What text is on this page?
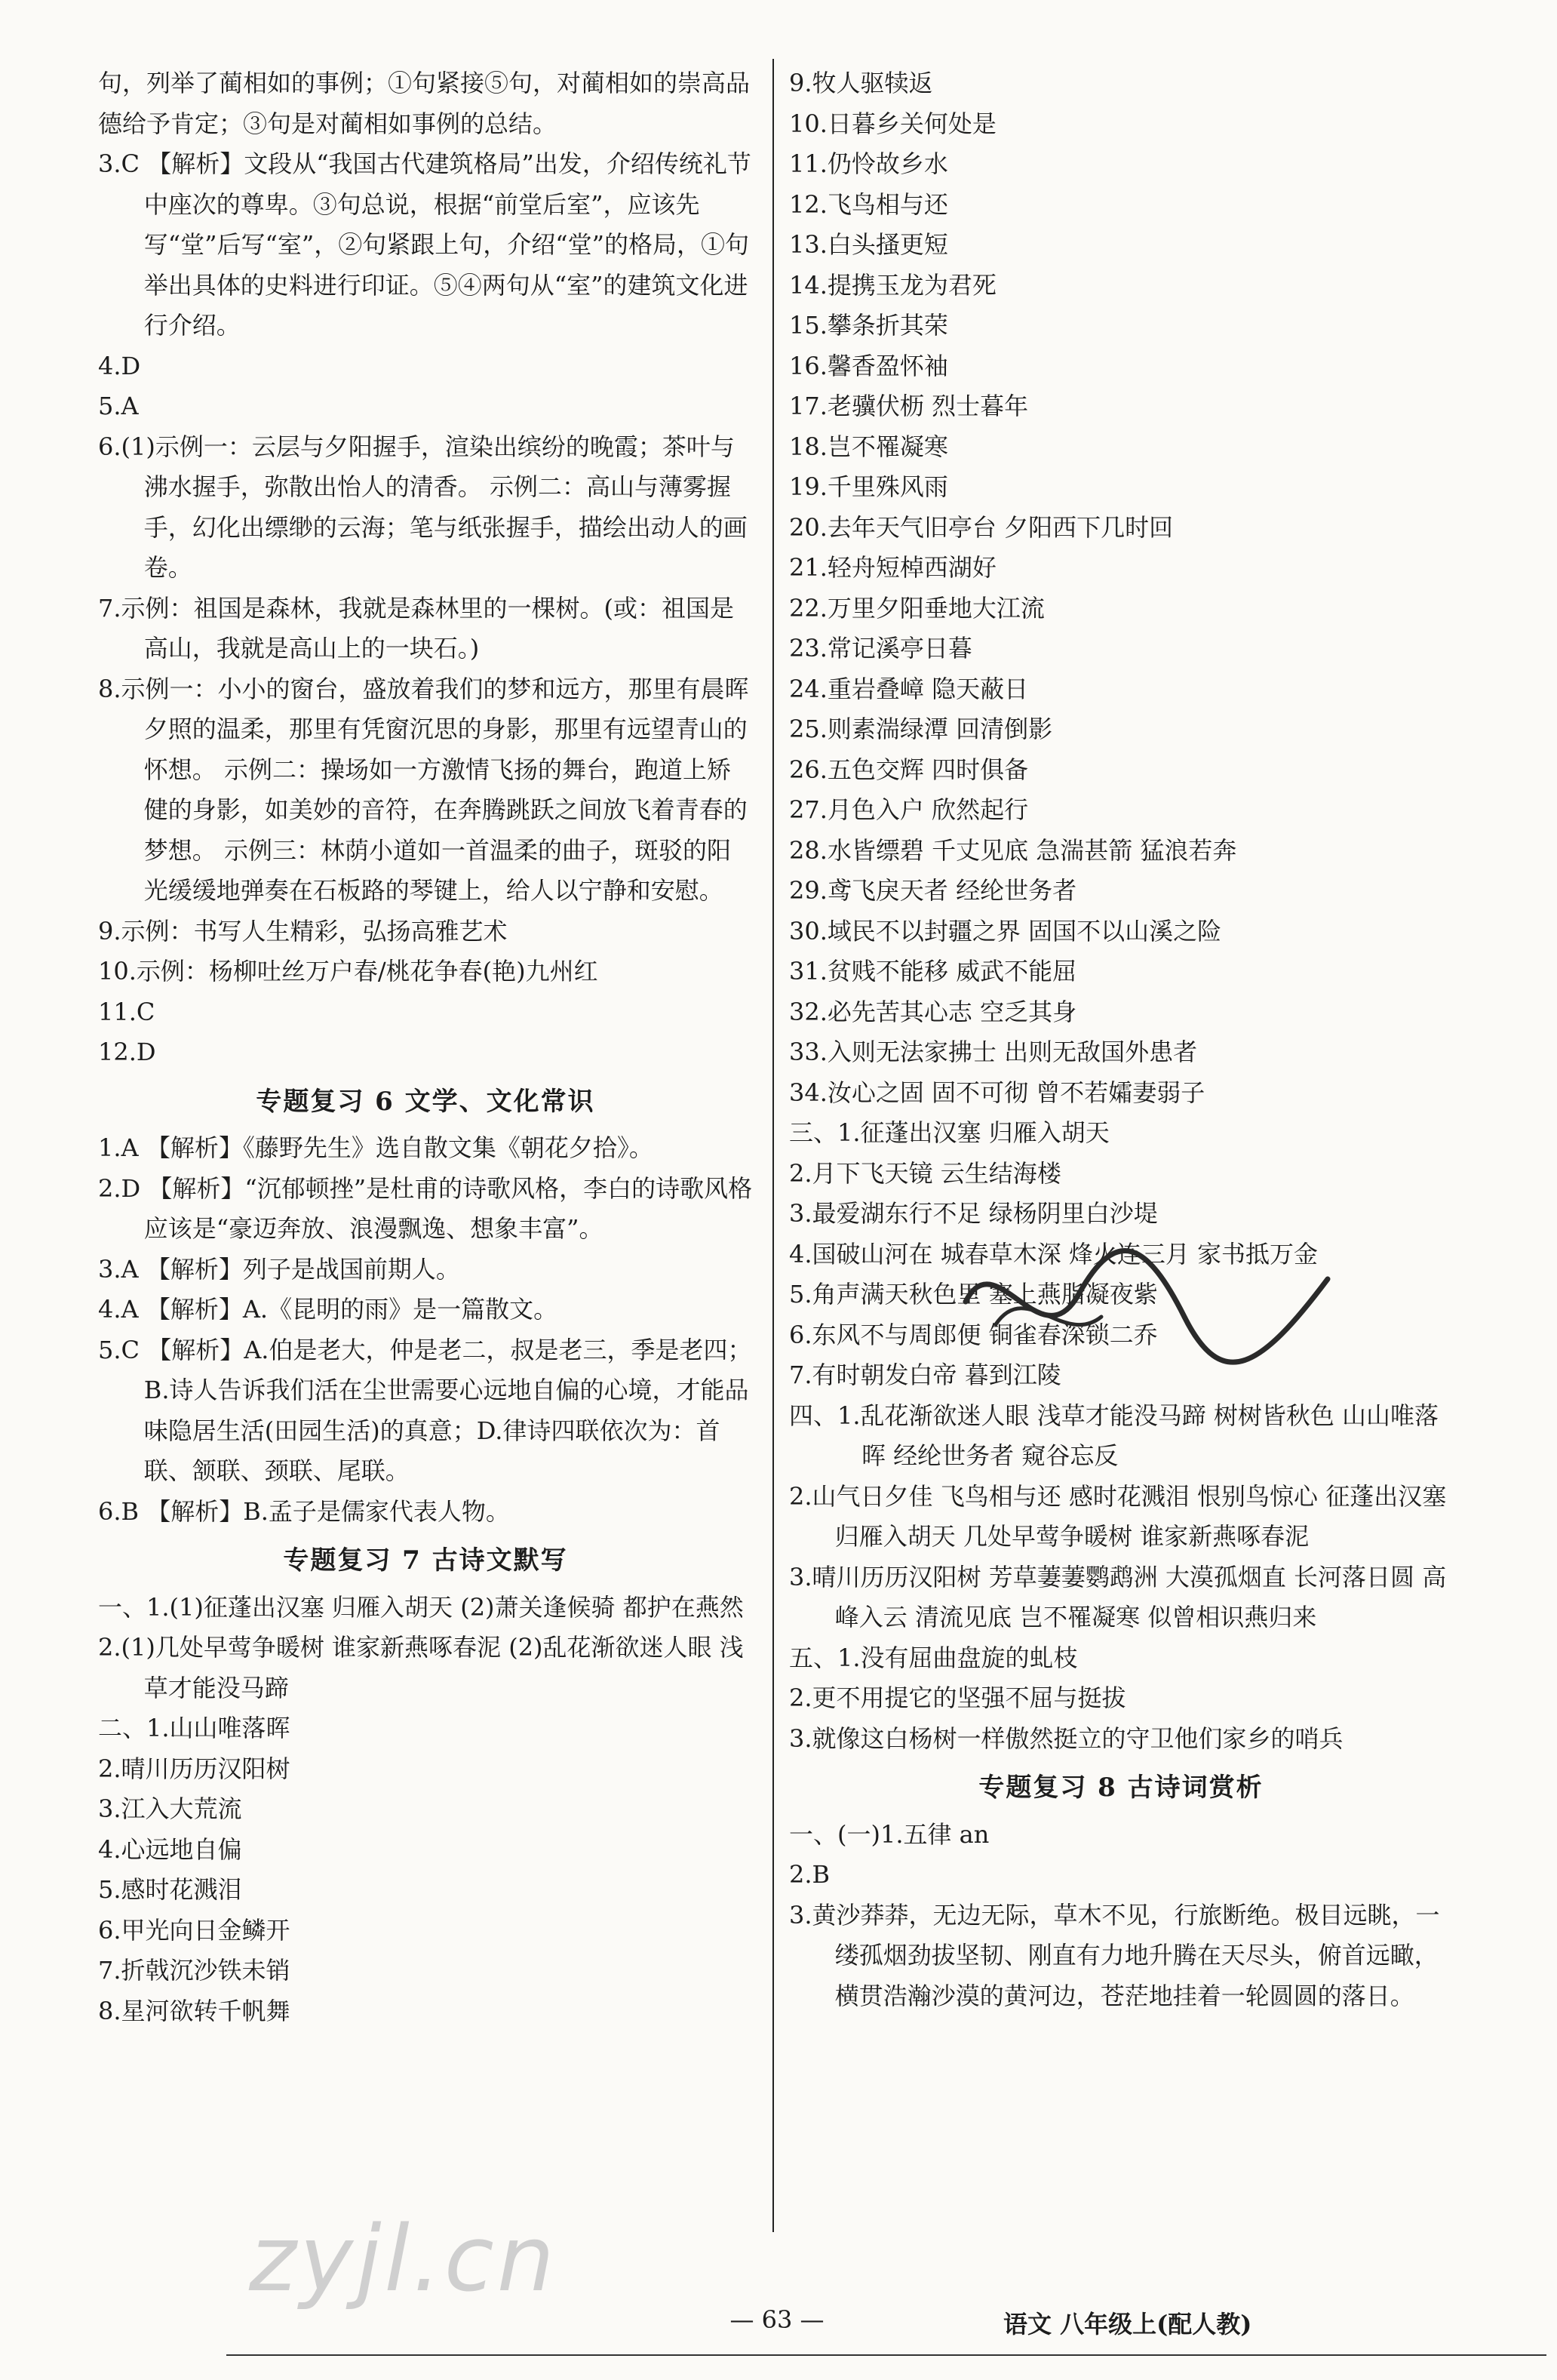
句，列举了蔺相如的事例；①句紧接⑤句，对蔺相如的崇高品德给予肯定；③句是对蔺相如事例的总结。

3.C 【解析】文段从“我国古代建筑格局”出发，介绍传统礼节中座次的尊卑。③句总说，根据“前堂后室”，应该先写“堂”后写“室”，②句紧跟上句，介绍“堂”的格局，①句举出具体的史料进行印证。⑤④两句从“室”的建筑文化进行介绍。

4.D

5.A

6.(1)示例一：云层与夕阳握手，渲染出缤纷的晚霞；茶叶与沸水握手，弥散出怡人的清香。 示例二：高山与薄雾握手，幻化出缥缈的云海；笔与纸张握手，描绘出动人的画卷。

7.示例：祖国是森林，我就是森林里的一棵树。(或：祖国是高山，我就是高山上的一块石。)

8.示例一：小小的窗台，盛放着我们的梦和远方，那里有晨晖夕照的温柔，那里有凭窗沉思的身影，那里有远望青山的怀想。 示例二：操场如一方激情飞扬的舞台，跑道上矫健的身影，如美妙的音符，在奔腾跳跃之间放飞着青春的梦想。 示例三：林荫小道如一首温柔的曲子，斑驳的阳光缓缓地弹奏在石板路的琴键上，给人以宁静和安慰。

9.示例：书写人生精彩，弘扬高雅艺术

10.示例：杨柳吐丝万户春/桃花争春(艳)九州红

11.C

12.D

专题复习 6 文学、文化常识

1.A 【解析】《藤野先生》选自散文集《朝花夕拾》。

2.D 【解析】“沉郁顿挫”是杜甫的诗歌风格，李白的诗歌风格应该是“豪迈奔放、浪漫飘逸、想象丰富”。

3.A 【解析】列子是战国前期人。

4.A 【解析】A.《昆明的雨》是一篇散文。

5.C 【解析】A.伯是老大，仲是老二，叔是老三，季是老四；B.诗人告诉我们活在尘世需要心远地自偏的心境，才能品味隐居生活(田园生活)的真意；D.律诗四联依次为：首联、颔联、颈联、尾联。

6.B 【解析】B.孟子是儒家代表人物。

专题复习 7 古诗文默写

一、1.(1)征蓬出汉塞 归雁入胡天 (2)萧关逢候骑 都护在燕然

2.(1)几处早莺争暖树 谁家新燕啄春泥 (2)乱花渐欲迷人眼 浅草才能没马蹄

二、1.山山唯落晖

2.晴川历历汉阳树

3.江入大荒流

4.心远地自偏

5.感时花溅泪

6.甲光向日金鳞开

7.折戟沉沙铁未销

8.星河欲转千帆舞

9.牧人驱犊返

10.日暮乡关何处是

11.仍怜故乡水

12.飞鸟相与还

13.白头搔更短

14.提携玉龙为君死

15.攀条折其荣

16.馨香盈怀袖

17.老骥伏枥 烈士暮年

18.岂不罹凝寒

19.千里殊风雨

20.去年天气旧亭台 夕阳西下几时回

21.轻舟短棹西湖好

22.万里夕阳垂地大江流

23.常记溪亭日暮

24.重岩叠嶂 隐天蔽日

25.则素湍绿潭 回清倒影

26.五色交辉 四时俱备

27.月色入户 欣然起行

28.水皆缥碧 千丈见底 急湍甚箭 猛浪若奔

29.鸢飞戾天者 经纶世务者

30.域民不以封疆之界 固国不以山溪之险

31.贫贱不能移 威武不能屈

32.必先苦其心志 空乏其身

33.入则无法家拂士 出则无敌国外患者

34.汝心之固 固不可彻 曾不若孀妻弱子

三、1.征蓬出汉塞 归雁入胡天

2.月下飞天镜 云生结海楼

3.最爱湖东行不足 绿杨阴里白沙堤

4.国破山河在 城春草木深 烽火连三月 家书抵万金

5.角声满天秋色里 塞上燕脂凝夜紫

6.东风不与周郎便 铜雀春深锁二乔

7.有时朝发白帝 暮到江陵

四、1.乱花渐欲迷人眼 浅草才能没马蹄 树树皆秋色 山山唯落晖 经纶世务者 窥谷忘反

2.山气日夕佳 飞鸟相与还 感时花溅泪 恨别鸟惊心 征蓬出汉塞 归雁入胡天 几处早莺争暖树 谁家新燕啄春泥

3.晴川历历汉阳树 芳草萋萋鹦鹉洲 大漠孤烟直 长河落日圆 高峰入云 清流见底 岂不罹凝寒 似曾相识燕归来

五、1.没有屈曲盘旋的虬枝

2.更不用提它的坚强不屈与挺拔

3.就像这白杨树一样傲然挺立的守卫他们家乡的哨兵

专题复习 8 古诗词赏析

一、(一)1.五律 an

2.B

3.黄沙莽莽，无边无际，草木不见，行旅断绝。极目远眺，一缕孤烟劲拔坚韧、刚直有力地升腾在天尽头，俯首远瞰，横贯浩瀚沙漠的黄河边，苍茫地挂着一轮圆圆的落日。

— 63 —	语文 八年级上(配人教)
zyjl.cn
